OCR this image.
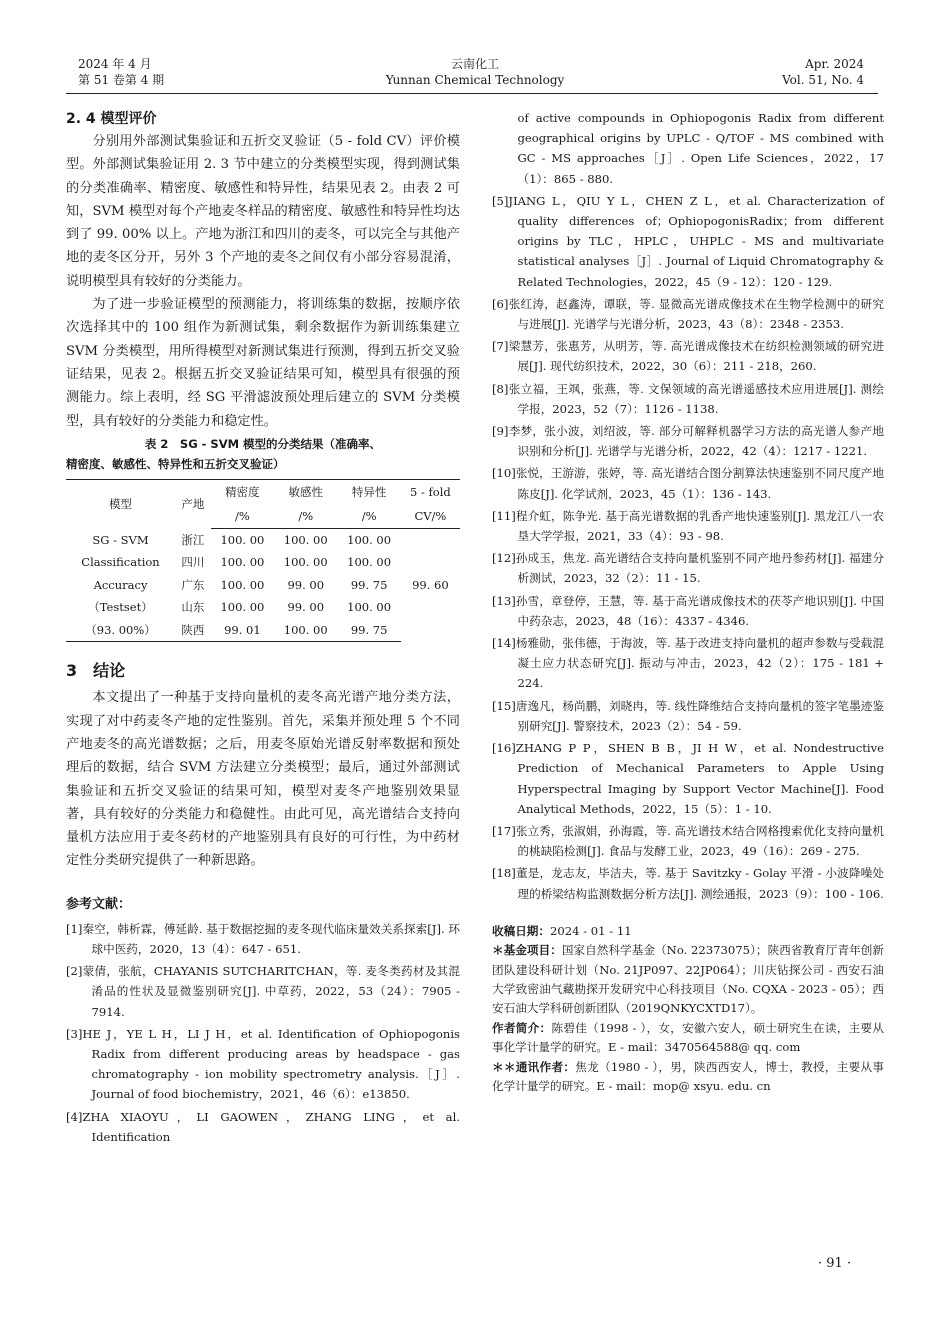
2024 年 4 月
第 51 卷第 4 期
云南化工
Yunnan Chemical Technology
Apr. 2024
Vol. 51, No. 4
2. 4 模型评价

分别用外部测试集验证和五折交叉验证（5 - fold CV）评价模型。外部测试集验证用 2. 3 节中建立的分类模型实现，得到测试集的分类准确率、精密度、敏感性和特异性，结果见表 2。由表 2 可知，SVM 模型对每个产地麦冬样品的精密度、敏感性和特异性均达到了 99. 00% 以上。产地为浙江和四川的麦冬，可以完全与其他产地的麦冬区分开，另外 3 个产地的麦冬之间仅有小部分容易混淆，说明模型具有较好的分类能力。

为了进一步验证模型的预测能力，将训练集的数据，按顺序依次选择其中的 100 组作为新测试集，剩余数据作为新训练集建立 SVM 分类模型，用所得模型对新测试集进行预测，得到五折交叉验证结果，见表 2。根据五折交叉验证结果可知，模型具有很强的预测能力。综上表明，经 SG 平滑滤波预处理后建立的 SVM 分类模型，具有较好的分类能力和稳定性。

表 2　SG - SVM 模型的分类结果（准确率、
精密度、敏感性、特异性和五折交叉验证）
模型	产地	精密度	敏感性	特异性	5 - fold
		/%	/%	/%	CV/%
SG - SVM	浙江	100. 00	100. 00	100. 00	99. 60
Classification	四川	100. 00	100. 00	100. 00	
Accuracy	广东	100. 00	99. 00	99. 75	
（Testset）	山东	100. 00	99. 00	100. 00	
（93. 00%）	陕西	99. 01	100. 00	99. 75	
3　结论

本文提出了一种基于支持向量机的麦冬高光谱产地分类方法，实现了对中药麦冬产地的定性鉴别。首先，采集并预处理 5 个不同产地麦冬的高光谱数据；之后，用麦冬原始光谱反射率数据和预处理后的数据，结合 SVM 方法建立分类模型；最后，通过外部测试集验证和五折交叉验证的结果可知，模型对麦冬产地鉴别效果显著，具有较好的分类能力和稳健性。由此可见，高光谱结合支持向量机方法应用于麦冬药材的产地鉴别具有良好的可行性，为中药材定性分类研究提供了一种新思路。

参考文献：

[1]秦空，韩析霖，傅延龄. 基于数据挖掘的麦冬现代临床量效关系探索[J]. 环球中医药，2020，13（4）：647 - 651.

[2]蒙倩，张航，CHAYANIS SUTCHARITCHAN，等. 麦冬类药材及其混淆品的性状及显微鉴别研究[J]. 中草药，2022，53（24）：7905 - 7914.

[3]HE J，YE L H，LI J H，et al. Identification of Ophiopogonis Radix from different producing areas by headspace - gas chromatography - ion mobility spectrometry analysis.［J］. Journal of food biochemistry，2021，46（6）：e13850.

[4]ZHA XIAOYU，LI GAOWEN，ZHANG LING，et al. Identification

of active compounds in Ophiopogonis Radix from different geographical origins by UPLC - Q/TOF - MS combined with GC - MS approaches［J］. Open Life Sciences，2022，17（1）：865 - 880.

[5]JIANG L，QIU Y L，CHEN Z L，et al. Characterization of quality differences of；OphiopogonisRadix；from different origins by TLC，HPLC，UHPLC - MS and multivariate statistical analyses［J］. Journal of Liquid Chromatography & Related Technologies，2022，45（9 - 12）：120 - 129.

[6]张红涛，赵鑫涛，谭联，等. 显微高光谱成像技术在生物学检测中的研究与进展[J]. 光谱学与光谱分析，2023，43（8）：2348 - 2353.

[7]梁慧芳，张惠芳，从明芳，等. 高光谱成像技术在纺织检测领域的研究进展[J]. 现代纺织技术，2022，30（6）：211 - 218，260.

[8]张立福，王飒，张燕，等. 文保领域的高光谱遥感技术应用进展[J]. 测绘学报，2023，52（7）：1126 - 1138.

[9]李梦，张小波，刘绍波，等. 部分可解释机器学习方法的高光谱人参产地识别和分析[J]. 光谱学与光谱分析，2022，42（4）：1217 - 1221.

[10]张悦，王游游，张婷，等. 高光谱结合图分割算法快速鉴别不同尺度产地陈皮[J]. 化学试剂，2023，45（1）：136 - 143.

[11]程介虹，陈争光. 基于高光谱数据的乳香产地快速鉴别[J]. 黑龙江八一农垦大学学报，2021，33（4）：93 - 98.

[12]孙成玉，焦龙. 高光谱结合支持向量机鉴别不同产地丹参药材[J]. 福建分析测试，2023，32（2）：11 - 15.

[13]孙雪，章登停，王慧，等. 基于高光谱成像技术的茯苓产地识别[J]. 中国中药杂志，2023，48（16）：4337 - 4346.

[14]杨雅勋，张伟德，于海波，等. 基于改进支持向量机的超声参数与受载混凝土应力状态研究[J]. 振动与冲击，2023，42（2）：175 - 181 + 224.

[15]唐逸凡，杨尚鹏，刘晓冉，等. 线性降维结合支持向量机的签字笔墨迹鉴别研究[J]. 警察技术，2023（2）：54 - 59.

[16]ZHANG P P，SHEN B B，JI H W，et al. Nondestructive Prediction of Mechanical Parameters to Apple Using Hyperspectral Imaging by Support Vector Machine[J]. Food Analytical Methods，2022，15（5）：1 - 10.

[17]张立秀，张淑娟，孙海霞，等. 高光谱技术结合网格搜索优化支持向量机的桃缺陷检测[J]. 食品与发酵工业，2023，49（16）：269 - 275.

[18]董是，龙志友，毕洁夫，等. 基于 Savitzky - Golay 平滑 - 小波降噪处理的桥梁结构监测数据分析方法[J]. 测绘通报，2023（9）：100 - 106.

收稿日期：2024 - 01 - 11

＊基金项目：国家自然科学基金（No. 22373075）；陕西省教育厅青年创新团队建设科研计划（No. 21JP097、22JP064）；川庆钻探公司 - 西安石油大学致密油气藏勘探开发研究中心科技项目（No. CQXA - 2023 - 05）；西安石油大学科研创新团队（2019QNKYCXTD17）。

作者简介：陈碧佳（1998 - ），女，安徽六安人，硕士研究生在读，主要从事化学计量学的研究。E - mail：3470564588@ qq. com

＊＊通讯作者：焦龙（1980 - ），男，陕西西安人，博士，教授，主要从事化学计量学的研究。E - mail：mop@ xsyu. edu. cn

· 91 ·
